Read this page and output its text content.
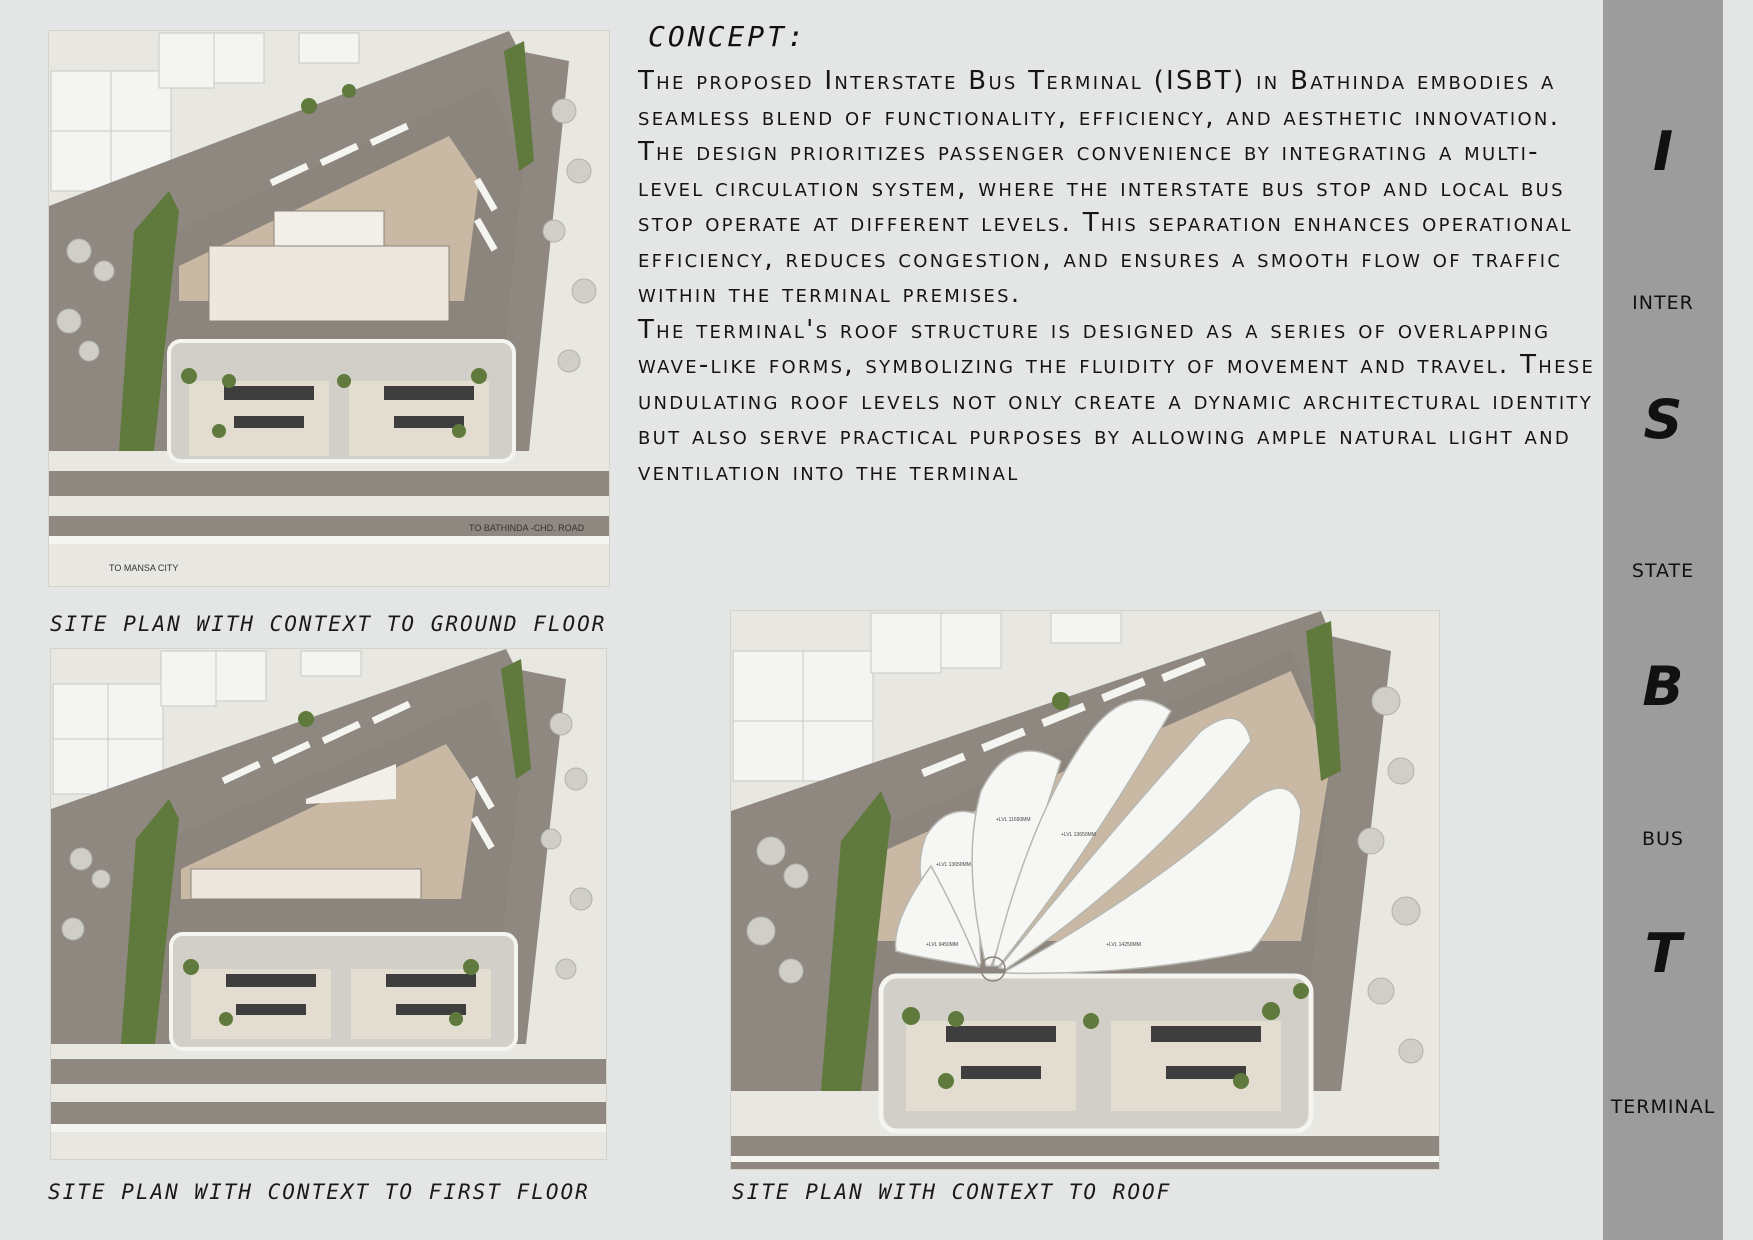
TO BATHINDA -CHD. ROAD
TO MANSA CITY
SITE PLAN WITH CONTEXT TO GROUND FLOOR
SITE PLAN WITH CONTEXT TO FIRST FLOOR
+LVL 13650MM
+LVL 11650MM
+LVL 13650MM
+LVL 9450MM	+LVL 14250MM
SITE PLAN WITH CONTEXT TO ROOF
CONCEPT:

The proposed Interstate Bus Terminal (ISBT) in Bathinda embodies a seamless blend of functionality, efficiency, and aesthetic innovation.

The design prioritizes passenger convenience by integrating a multi-level circulation system, where the interstate bus stop and local bus stop operate at different levels. This separation enhances operational efficiency, reduces congestion, and ensures a smooth flow of traffic within the terminal premises.

The terminal's roof structure is designed as a series of overlapping wave-like forms, symbolizing the fluidity of movement and travel. These undulating roof levels not only create a dynamic architectural identity but also serve practical purposes by allowing ample natural light and ventilation into the terminal

I
INTER
S
STATE
B
BUS
T
TERMINAL
